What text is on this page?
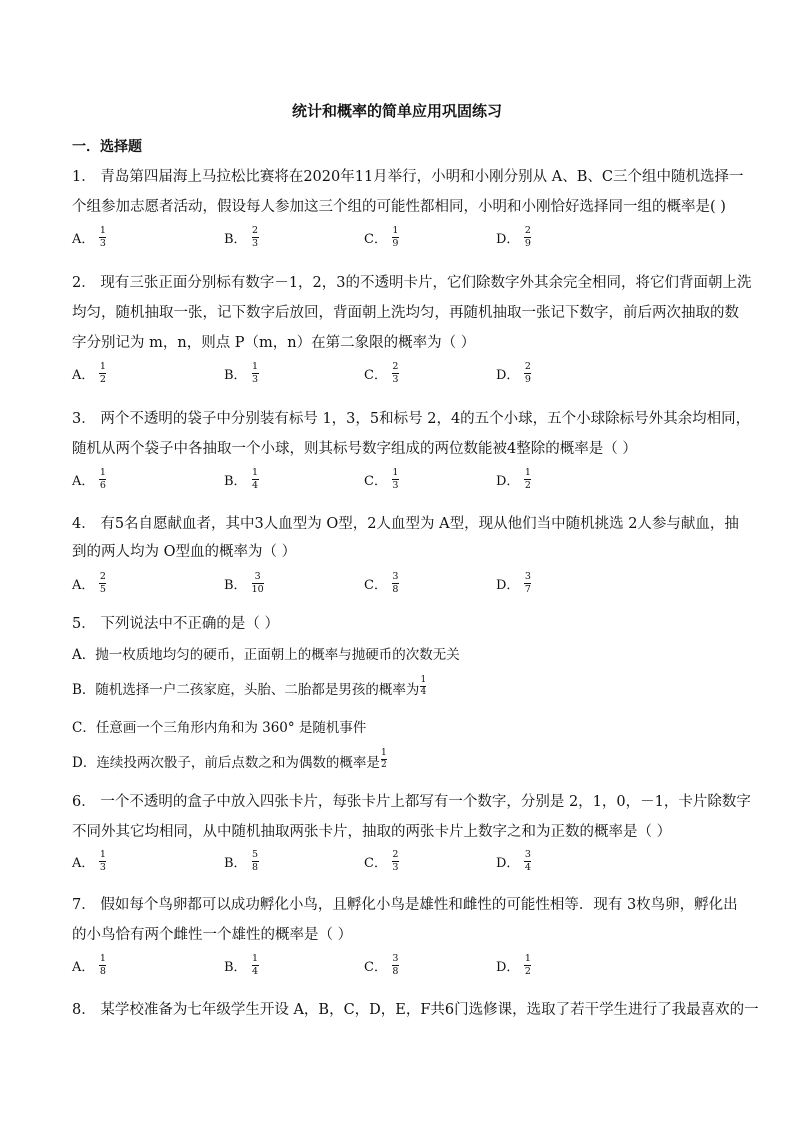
统计和概率的简单应用巩固练习
一．选择题
1． 青岛第四届海上马拉松比赛将在2020年11月举行，小明和小刚分别从 A、B、C三个组中随机选择一
个组参加志愿者活动，假设每人参加这三个组的可能性都相同，小明和小刚恰好选择同一组的概率是( )
A． $\frac{1}{3}$	B． $\frac{2}{3}$	C． $\frac{1}{9}$	D． $\frac{2}{9}$
2． 现有三张正面分别标有数字－1，2，3的不透明卡片，它们除数字外其余完全相同，将它们背面朝上洗
均匀，随机抽取一张，记下数字后放回，背面朝上洗均匀，再随机抽取一张记下数字，前后两次抽取的数
字分别记为 m，n，则点 P（m，n）在第二象限的概率为（ ）
A． $\frac{1}{2}$	B． $\frac{1}{3}$	C． $\frac{2}{3}$	D． $\frac{2}{9}$
3． 两个不透明的袋子中分别装有标号 1，3，5和标号 2，4的五个小球，五个小球除标号外其余均相同，
随机从两个袋子中各抽取一个小球，则其标号数字组成的两位数能被4整除的概率是（ ）
A． $\frac{1}{6}$	B． $\frac{1}{4}$	C． $\frac{1}{3}$	D． $\frac{1}{2}$
4． 有5名自愿献血者，其中3人血型为 O型，2人血型为 A型，现从他们当中随机挑选 2人参与献血，抽
到的两人均为 O型血的概率为（ ）
A． $\frac{2}{5}$	B． $\frac{3}{10}$	C． $\frac{3}{8}$	D． $\frac{3}{7}$
5． 下列说法中不正确的是（ ）
A．抛一枚质地均匀的硬币，正面朝上的概率与抛硬币的次数无关
B．随机选择一户二孩家庭，头胎、二胎都是男孩的概率为 $\frac{1}{4}$
C．任意画一个三角形内角和为 360° 是随机事件
D．连续投两次骰子，前后点数之和为偶数的概率是 $\frac{1}{2}$
6． 一个不透明的盒子中放入四张卡片，每张卡片上都写有一个数字，分别是 2，1，0，－1，卡片除数字
不同外其它均相同，从中随机抽取两张卡片，抽取的两张卡片上数字之和为正数的概率是（ ）
A． $\frac{1}{3}$	B． $\frac{5}{8}$	C． $\frac{2}{3}$	D． $\frac{3}{4}$
7． 假如每个鸟卵都可以成功孵化小鸟，且孵化小鸟是雄性和雌性的可能性相等．现有 3枚鸟卵，孵化出
的小鸟恰有两个雌性一个雄性的概率是（ ）
A． $\frac{1}{8}$	B． $\frac{1}{4}$	C． $\frac{3}{8}$	D． $\frac{1}{2}$
8． 某学校准备为七年级学生开设 A，B，C，D，E，F共6门选修课，选取了若干学生进行了我最喜欢的一
